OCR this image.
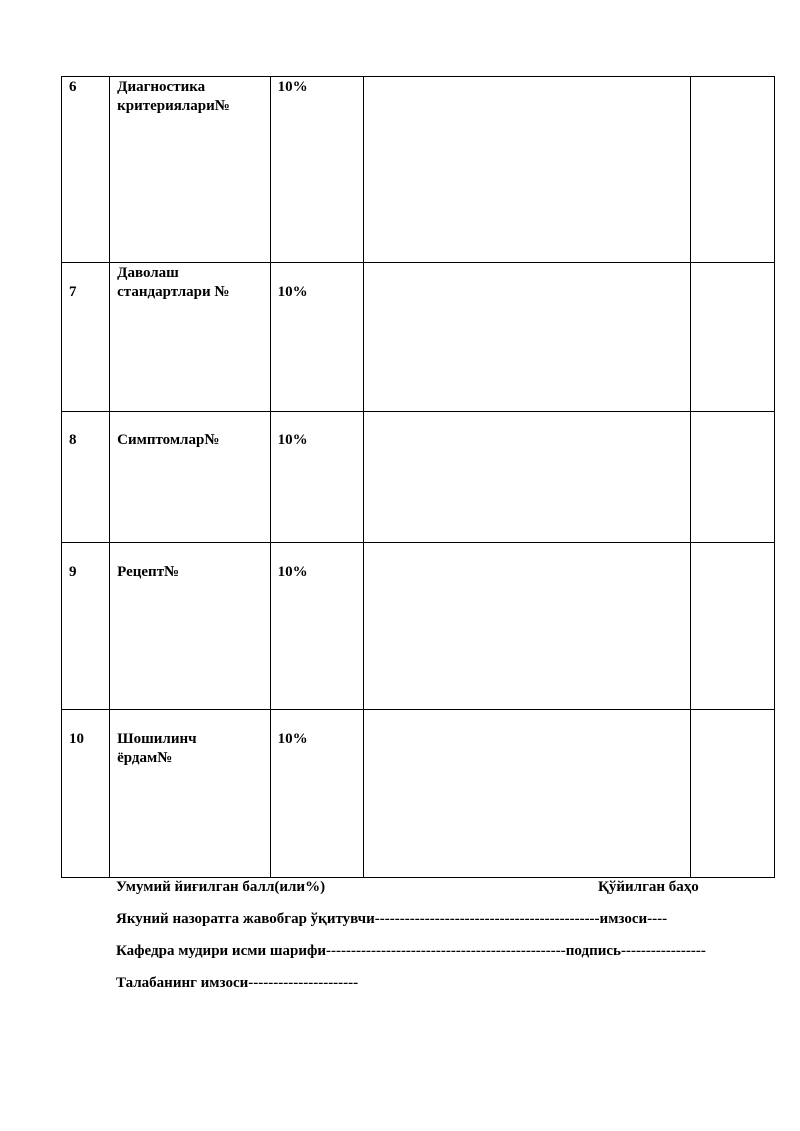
6	Диагностика критериялари№	10%		

7	Даволаш стандартлари №	10%		

8	Симптомлар№	10%		

9	Рецепт№	10%		

10	Шошилинч ёрдам№	10%		

Умумий йиғилган балл(или%)	Қўйилган баҳо
Якуний назоратга жавобгар ўқитувчи---------------------------------------------имзоси----
Кафедра мудири исми шарифи------------------------------------------------подпись-----------------
Талабанинг имзоси----------------------
